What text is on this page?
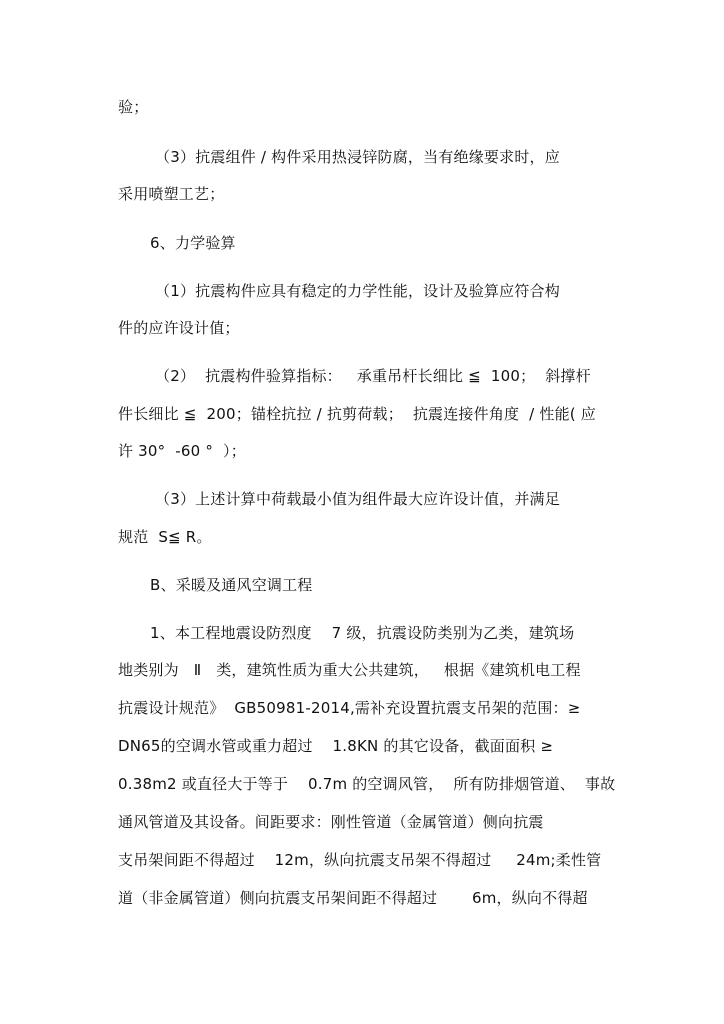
验；
（3）抗震组件 / 构件采用热浸锌防腐，当有绝缘要求时，应
采用喷塑工艺；
6、力学验算
（1）抗震构件应具有稳定的力学性能，设计及验算应符合构
件的应许设计值；
（2）  抗震构件验算指标：   承重吊杆长细比 ≦  100；  斜撑杆
件长细比 ≦  200；锚栓抗拉 / 抗剪荷载；  抗震连接件角度  / 性能( 应
许 30°  -60 °  ）；
（3）上述计算中荷载最小值为组件最大应许设计值，并满足
规范  S≦ R。
B、采暖及通风空调工程
1、本工程地震设防烈度    7 级，抗震设防类别为乙类，建筑场
地类别为   Ⅱ   类，建筑性质为重大公共建筑，   根据《建筑机电工程
抗震设计规范》  GB50981-2014,需补充设置抗震支吊架的范围：≥
DN65的空调水管或重力超过    1.8KN 的其它设备，截面面积 ≥
0.38m2 或直径大于等于    0.7m 的空调风管，  所有防排烟管道、  事故
通风管道及其设备。间距要求：刚性管道（金属管道）侧向抗震
支吊架间距不得超过    12m，纵向抗震支吊架不得超过     24m;柔性管
道（非金属管道）侧向抗震支吊架间距不得超过       6m，纵向不得超
